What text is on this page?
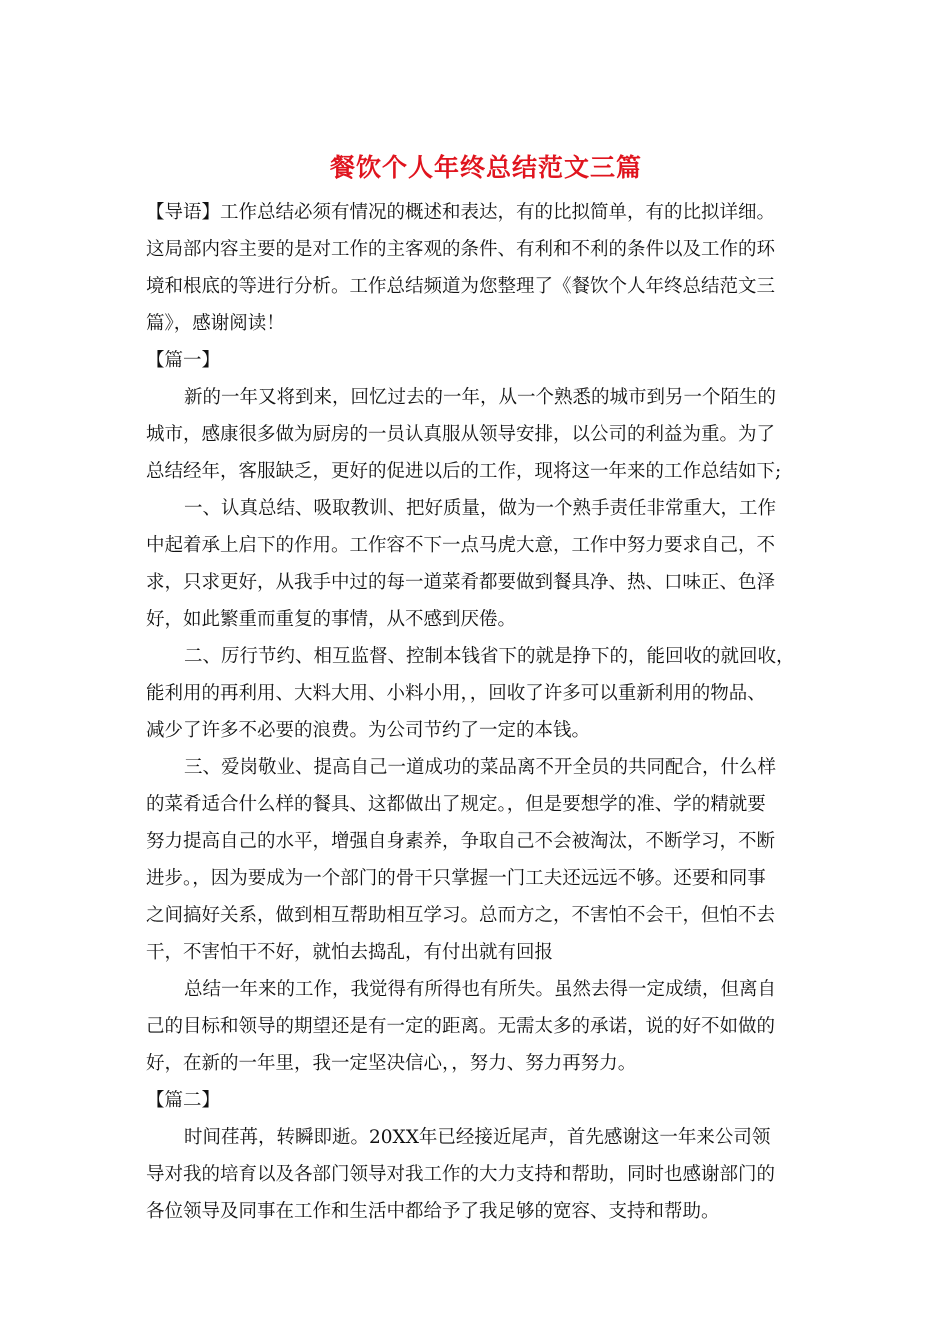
餐饮个人年终总结范文三篇

【导语】工作总结必须有情况的概述和表达，有的比拟简单，有的比拟详细。

这局部内容主要的是对工作的主客观的条件、有利和不利的条件以及工作的环

境和根底的等进行分析。工作总结频道为您整理了《餐饮个人年终总结范文三

篇》，感谢阅读！

【篇一】

新的一年又将到来，回忆过去的一年，从一个熟悉的城市到另一个陌生的

城市，感康很多做为厨房的一员认真服从领导安排，以公司的利益为重。为了

总结经年，客服缺乏，更好的促进以后的工作，现将这一年来的工作总结如下;

一、认真总结、吸取教训、把好质量，做为一个熟手责任非常重大，工作

中起着承上启下的作用。工作容不下一点马虎大意，工作中努力要求自己，不

求，只求更好，从我手中过的每一道菜肴都要做到餐具净、热、口味正、色泽

好，如此繁重而重复的事情，从不感到厌倦。

二、厉行节约、相互监督、控制本钱省下的就是挣下的，能回收的就回收，

能利用的再利用、大料大用、小料小用，，回收了许多可以重新利用的物品、

减少了许多不必要的浪费。为公司节约了一定的本钱。

三、爱岗敬业、提高自己一道成功的菜品离不开全员的共同配合，什么样

的菜肴适合什么样的餐具、这都做出了规定。，但是要想学的准、学的精就要

努力提高自己的水平，增强自身素养，争取自己不会被淘汰，不断学习，不断

进步。，因为要成为一个部门的骨干只掌握一门工夫还远远不够。还要和同事

之间搞好关系，做到相互帮助相互学习。总而方之，不害怕不会干，但怕不去

干，不害怕干不好，就怕去捣乱，有付出就有回报

总结一年来的工作，我觉得有所得也有所失。虽然去得一定成绩，但离自

己的目标和领导的期望还是有一定的距离。无需太多的承诺，说的好不如做的

好，在新的一年里，我一定坚决信心，，努力、努力再努力。

【篇二】

时间荏苒，转瞬即逝。20XX年已经接近尾声，首先感谢这一年来公司领

导对我的培育以及各部门领导对我工作的大力支持和帮助，同时也感谢部门的

各位领导及同事在工作和生活中都给予了我足够的宽容、支持和帮助。
